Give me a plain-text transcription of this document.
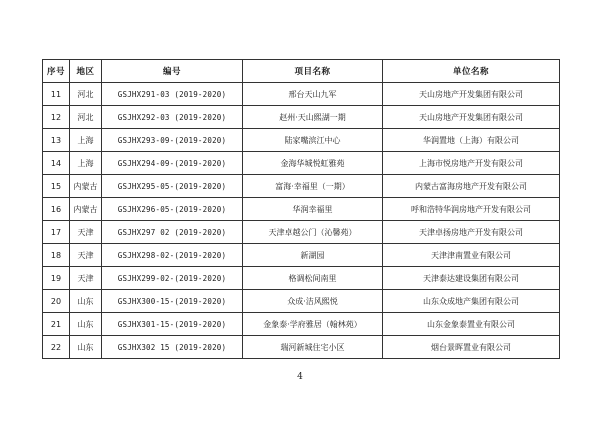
序号	地区	编号	项目名称	单位名称
11	河北	GSJHX291-03 (2019-2020)	邢台天山九军	天山房地产开发集团有限公司
12	河北	GSJHX292-03 (2019-2020)	赵州·天山熙湖一期	天山房地产开发集团有限公司
13	上海	GSJHX293-09-(2019-2020)	陆家嘴滨江中心	华润置地（上海）有限公司
14	上海	GSJHX294-09-(2019-2020)	金海华城悦虹雅苑	上海市悦房地产开发有限公司
15	内蒙古	GSJHX295-05-(2019-2020)	富海·幸福里（一期）	内蒙古富海房地产开发有限公司
16	内蒙古	GSJHX296-05-(2019-2020)	华润幸福里	呼和浩特华润房地产开发有限公司
17	天津	GSJHX297 02 (2019-2020)	天津卓越公门（沁馨苑）	天津卓扬房地产开发有限公司
18	天津	GSJHX298-02-(2019-2020)	新湖园	天津津南置业有限公司
19	天津	GSJHX299-02-(2019-2020)	格调松间南里	天津泰达建设集团有限公司
20	山东	GSJHX300-15-(2019-2020)	众成·洁风熙悦	山东众成地产集团有限公司
21	山东	GSJHX301-15-(2019-2020)	金象泰·学府雅居（翰林苑）	山东金象泰置业有限公司
22	山东	GSJHX302 15 (2019-2020)	瑞河新城住宅小区	烟台景晖置业有限公司
4
